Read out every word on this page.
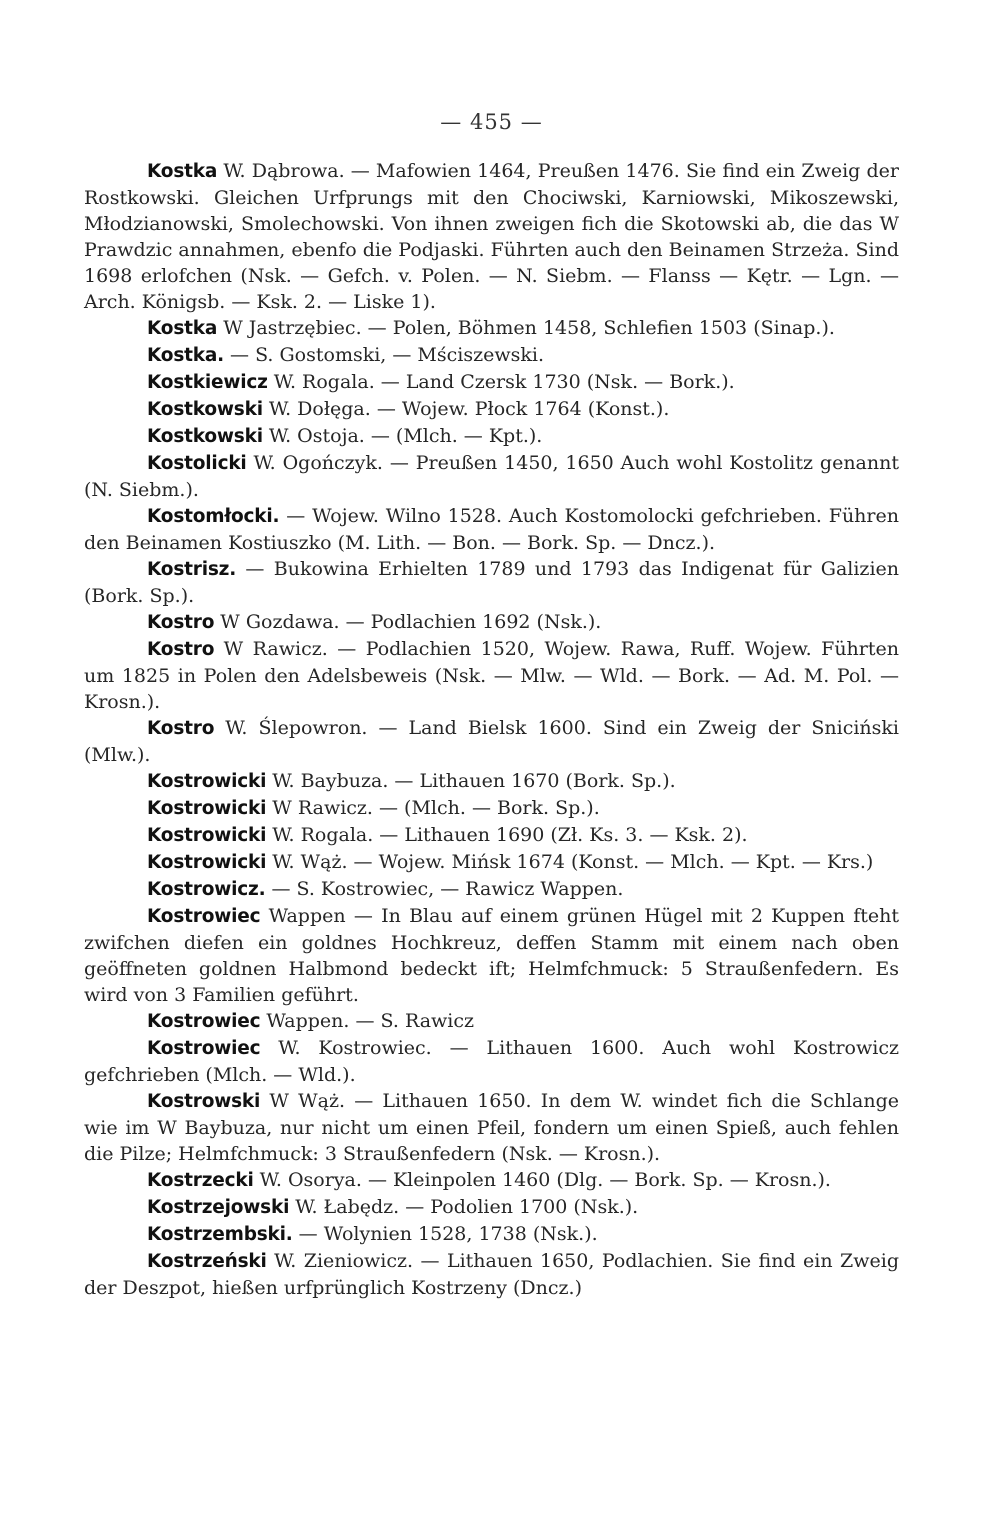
— 455 —

Kostka W. Dąbrowa. — Mafowien 1464, Preußen 1476. Sie find ein Zweig der Rostkowski. Gleichen Urfprungs mit den Chociwski, Karniowski, Mikoszewski, Młodzianowski, Smolechowski. Von ihnen zweigen fich die Skotowski ab, die das W Prawdzic annahmen, ebenfo die Podjaski. Führten auch den Beinamen Strzeża. Sind 1698 erlofchen (Nsk. — Gefch. v. Polen. — N. Siebm. — Flanss — Kętr. — Lgn. — Arch. Königsb. — Ksk. 2. — Liske 1).

Kostka W Jastrzębiec. — Polen, Böhmen 1458, Schlefien 1503 (Sinap.).

Kostka. — S. Gostomski, — Mściszewski.

Kostkiewicz W. Rogala. — Land Czersk 1730 (Nsk. — Bork.).

Kostkowski W. Dołęga. — Wojew. Płock 1764 (Konst.).

Kostkowski W. Ostoja. — (Mlch. — Kpt.).

Kostolicki W. Ogończyk. — Preußen 1450, 1650 Auch wohl Kostolitz genannt (N. Siebm.).

Kostomłocki. — Wojew. Wilno 1528. Auch Kostomolocki gefchrieben. Führen den Beinamen Kostiuszko (M. Lith. — Bon. — Bork. Sp. — Dncz.).

Kostrisz. — Bukowina Erhielten 1789 und 1793 das Indigenat für Galizien (Bork. Sp.).

Kostro W Gozdawa. — Podlachien 1692 (Nsk.).

Kostro W Rawicz. — Podlachien 1520, Wojew. Rawa, Ruff. Wojew. Führten um 1825 in Polen den Adelsbeweis (Nsk. — Mlw. — Wld. — Bork. — Ad. M. Pol. — Krosn.).

Kostro W. Ślepowron. — Land Bielsk 1600. Sind ein Zweig der Sniciński (Mlw.).

Kostrowicki W. Baybuza. — Lithauen 1670 (Bork. Sp.).

Kostrowicki W Rawicz. — (Mlch. — Bork. Sp.).

Kostrowicki W. Rogala. — Lithauen 1690 (Zł. Ks. 3. — Ksk. 2).

Kostrowicki W. Wąż. — Wojew. Mińsk 1674 (Konst. — Mlch. — Kpt. — Krs.)

Kostrowicz. — S. Kostrowiec, — Rawicz Wappen.

Kostrowiec Wappen — In Blau auf einem grünen Hügel mit 2 Kuppen fteht zwifchen diefen ein goldnes Hochkreuz, deffen Stamm mit einem nach oben geöffneten goldnen Halbmond bedeckt ift; Helmfchmuck: 5 Straußenfedern. Es wird von 3 Familien geführt.

Kostrowiec Wappen. — S. Rawicz

Kostrowiec W. Kostrowiec. — Lithauen 1600. Auch wohl Kostrowicz gefchrieben (Mlch. — Wld.).

Kostrowski W Wąż. — Lithauen 1650. In dem W. windet fich die Schlange wie im W Baybuza, nur nicht um einen Pfeil, fondern um einen Spieß, auch fehlen die Pilze; Helmfchmuck: 3 Straußenfedern (Nsk. — Krosn.).

Kostrzecki W. Osorya. — Kleinpolen 1460 (Dlg. — Bork. Sp. — Krosn.).

Kostrzejowski W. Łabędz. — Podolien 1700 (Nsk.).

Kostrzembski. — Wolynien 1528, 1738 (Nsk.).

Kostrzeński W. Zieniowicz. — Lithauen 1650, Podlachien. Sie find ein Zweig der Deszpot, hießen urfprünglich Kostrzeny (Dncz.)
